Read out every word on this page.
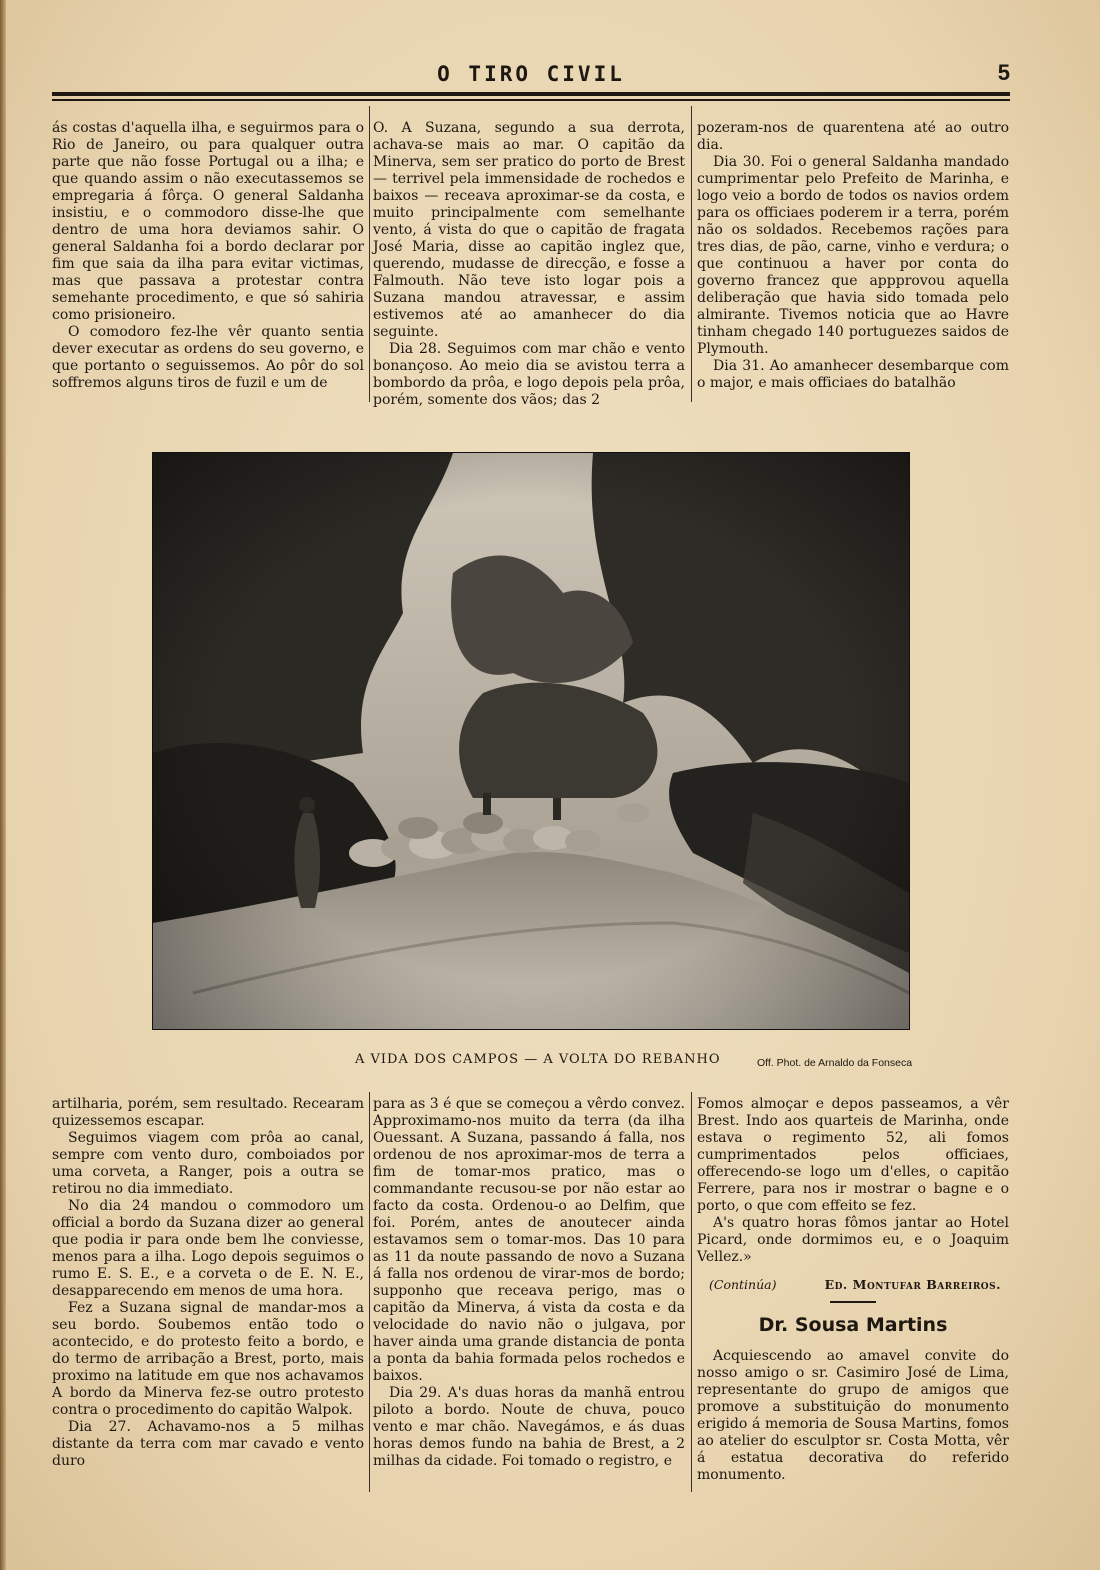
O TIRO CIVIL	5

ás costas d'aquella ilha, e seguirmos para o Rio de Janeiro, ou para qualquer outra parte que não fosse Portugal ou a ilha; e que quando assim o não executassemos se empregaria á fôrça. O general Saldanha insistiu, e o commodoro disse-lhe que dentro de uma hora deviamos sahir. O general Saldanha foi a bordo declarar por fim que saia da ilha para evitar victimas, mas que passava a protestar contra semehante procedimento, e que só sahiria como prisioneiro.

O comodoro fez-lhe vêr quanto sentia dever executar as ordens do seu governo, e que portanto o seguissemos. Ao pôr do sol soffremos alguns tiros de fuzil e um de

O. A Suzana, segundo a sua derrota, achava-se mais ao mar. O capitão da Minerva, sem ser pratico do porto de Brest — terrivel pela immensidade de rochedos e baixos — receava aproximar-se da costa, e muito principalmente com semelhante vento, á vista do que o capitão de fragata José Maria, disse ao capitão inglez que, querendo, mudasse de direcção, e fosse a Falmouth. Não teve isto logar pois a Suzana mandou atravessar, e assim estivemos até ao amanhecer do dia seguinte.

Dia 28. Seguimos com mar chão e vento bonançoso. Ao meio dia se avistou terra a bombordo da prôa, e logo depois pela prôa, porém, somente dos vãos; das 2

pozeram-nos de quarentena até ao outro dia.

Dia 30. Foi o general Saldanha mandado cumprimentar pelo Prefeito de Marinha, e logo veio a bordo de todos os navios ordem para os officiaes poderem ir a terra, porém não os soldados. Recebemos rações para tres dias, de pão, carne, vinho e verdura; o que continuou a haver por conta do governo francez que appprovou aquella deliberação que havia sido tomada pelo almirante. Tivemos noticia que ao Havre tinham chegado 140 portuguezes saidos de Plymouth.

Dia 31. Ao amanhecer desembarque com o major, e mais officiaes do batalhão

A VIDA DOS CAMPOS — A VOLTA DO REBANHO	Off. Phot. de Arnaldo da Fonseca

artilharia, porém, sem resultado. Recearam quizessemos escapar.

Seguimos viagem com prôa ao canal, sempre com vento duro, comboiados por uma corveta, a Ranger, pois a outra se retirou no dia immediato.

No dia 24 mandou o commodoro um official a bordo da Suzana dizer ao general que podia ir para onde bem lhe conviesse, menos para a ilha. Logo depois seguimos o rumo E. S. E., e a corveta o de E. N. E., desapparecendo em menos de uma hora.

Fez a Suzana signal de mandar-mos a seu bordo. Soubemos então todo o acontecido, e do protesto feito a bordo, e do termo de arribação a Brest, porto, mais proximo na latitude em que nos achavamos A bordo da Minerva fez-se outro protesto contra o procedimento do capitão Walpok.

Dia 27. Achavamo-nos a 5 milhas distante da terra com mar cavado e vento duro

para as 3 é que se começou a vêrdo convez. Approximamo-nos muito da terra (da ilha Ouessant. A Suzana, passando á falla, nos ordenou de nos aproximar-mos de terra a fim de tomar-mos pratico, mas o commandante recusou-se por não estar ao facto da costa. Ordenou-o ao Delfim, que foi. Porém, antes de anoutecer ainda estavamos sem o tomar-mos. Das 10 para as 11 da noute passando de novo a Suzana á falla nos ordenou de virar-mos de bordo; supponho que receava perigo, mas o capitão da Minerva, á vista da costa e da velocidade do navio não o julgava, por haver ainda uma grande distancia de ponta a ponta da bahia formada pelos rochedos e baixos.

Dia 29. A's duas horas da manhã entrou piloto a bordo. Noute de chuva, pouco vento e mar chão. Navegámos, e ás duas horas demos fundo na bahia de Brest, a 2 milhas da cidade. Foi tomado o registro, e

Fomos almoçar e depos passeamos, a vêr Brest. Indo aos quarteis de Marinha, onde estava o regimento 52, ali fomos cumprimentados pelos officiaes, offerecendo-se logo um d'elles, o capitão Ferrere, para nos ir mostrar o bagne e o porto, o que com effeito se fez.

A's quatro horas fômos jantar ao Hotel Picard, onde dormimos eu, e o Joaquim Vellez.»

(Continúa)	Ed. Montufar Barreiros.
Dr. Sousa Martins

Acquiescendo ao amavel convite do nosso amigo o sr. Casimiro José de Lima, representante do grupo de amigos que promove a substituição do monumento erigido á memoria de Sousa Martins, fomos ao atelier do esculptor sr. Costa Motta, vêr á estatua decorativa do referido monumento.
